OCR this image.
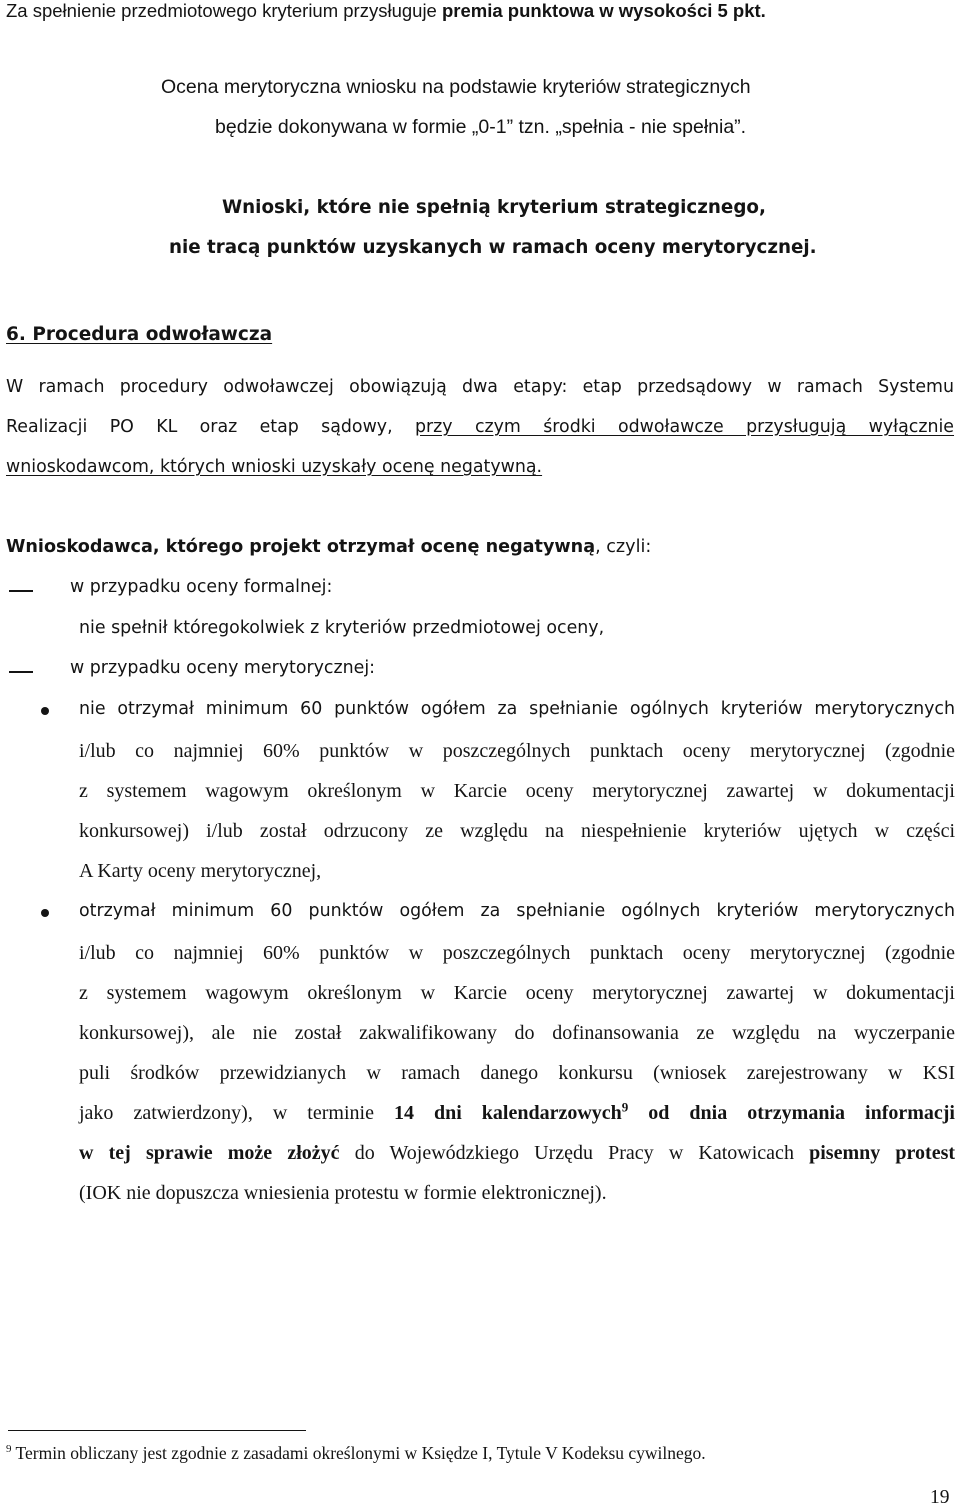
Za spełnienie przedmiotowego kryterium przysługuje premia punktowa w wysokości 5 pkt.
Ocena merytoryczna wniosku na podstawie kryteriów strategicznych
będzie dokonywana w formie „0-1” tzn. „spełnia - nie spełnia”.
Wnioski, które nie spełnią kryterium strategicznego,
nie tracą punktów uzyskanych w ramach oceny merytorycznej.
6. Procedura odwoławcza
W ramach procedury odwoławczej obowiązują dwa etapy: etap przedsądowy w ramach Systemu
Realizacji PO KL oraz etap sądowy, przy czym środki odwoławcze przysługują wyłącznie
wnioskodawcom, których wnioski uzyskały ocenę negatywną.
Wnioskodawca, którego projekt otrzymał ocenę negatywną, czyli:
w przypadku oceny formalnej:
nie spełnił któregokolwiek z kryteriów przedmiotowej oceny,
w przypadku oceny merytorycznej:
nie otrzymał minimum 60 punktów ogółem za spełnianie ogólnych kryteriów merytorycznych
i/lub co najmniej 60% punktów w poszczególnych punktach oceny merytorycznej (zgodnie
z systemem wagowym określonym w Karcie oceny merytorycznej zawartej w dokumentacji
konkursowej) i/lub został odrzucony ze względu na niespełnienie kryteriów ujętych w części
A Karty oceny merytorycznej,
otrzymał minimum 60 punktów ogółem za spełnianie ogólnych kryteriów merytorycznych
i/lub co najmniej 60% punktów w poszczególnych punktach oceny merytorycznej (zgodnie
z systemem wagowym określonym w Karcie oceny merytorycznej zawartej w dokumentacji
konkursowej), ale nie został zakwalifikowany do dofinansowania ze względu na wyczerpanie
puli środków przewidzianych w ramach danego konkursu (wniosek zarejestrowany w KSI
jako zatwierdzony), w terminie 14 dni kalendarzowych$^9$ od dnia otrzymania informacji
w tej sprawie może złożyć do Wojewódzkiego Urzędu Pracy w Katowicach pisemny protest
(IOK nie dopuszcza wniesienia protestu w formie elektronicznej).
$^9$ Termin obliczany jest zgodnie z zasadami określonymi w Księdze I, Tytule V Kodeksu cywilnego.
19
